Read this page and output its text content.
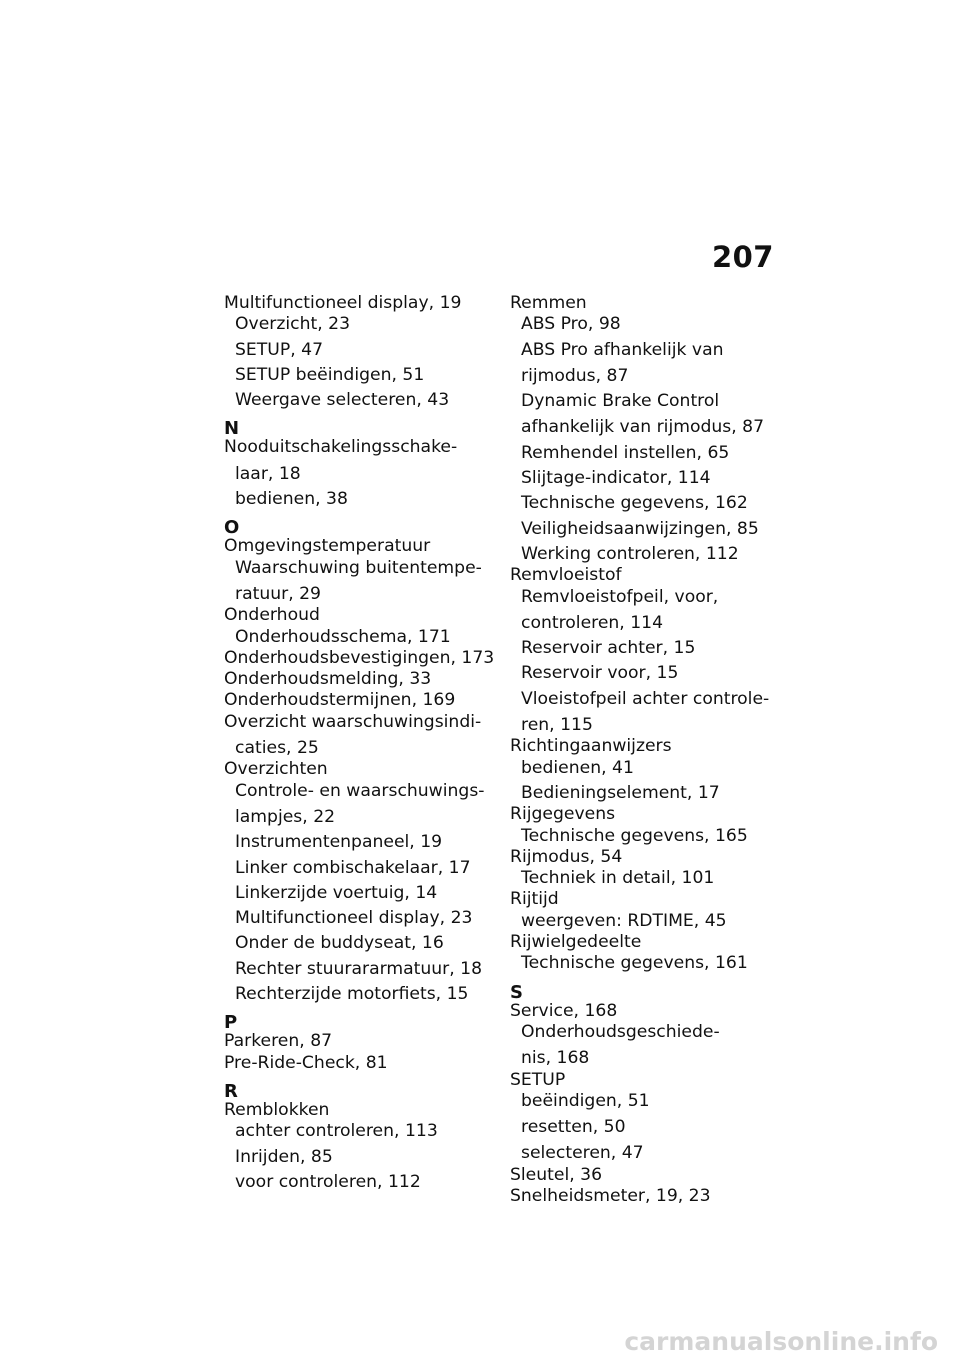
207
Multifunctioneel display, 19
Overzicht, 23
SETUP, 47
SETUP beëindigen, 51
Weergave selecteren, 43
N
Nooduitschakelingsschake-
laar, 18
bedienen, 38
O
Omgevingstemperatuur
Waarschuwing buitentempe-
ratuur, 29
Onderhoud
Onderhoudsschema, 171
Onderhoudsbevestigingen, 173
Onderhoudsmelding, 33
Onderhoudstermijnen, 169
Overzicht waarschuwingsindi-
caties, 25
Overzichten
Controle- en waarschuwings-
lampjes, 22
Instrumentenpaneel, 19
Linker combischakelaar, 17
Linkerzijde voertuig, 14
Multifunctioneel display, 23
Onder de buddyseat, 16
Rechter stuurararmatuur, 18
Rechterzijde motorfiets, 15
P
Parkeren, 87
Pre-Ride-Check, 81
R
Remblokken
achter controleren, 113
Inrijden, 85
voor controleren, 112
Remmen
ABS Pro, 98
ABS Pro afhankelijk van
rijmodus, 87
Dynamic Brake Control
afhankelijk van rijmodus, 87
Remhendel instellen, 65
Slijtage-indicator, 114
Technische gegevens, 162
Veiligheidsaanwijzingen, 85
Werking controleren, 112
Remvloeistof
Remvloeistofpeil, voor,
controleren, 114
Reservoir achter, 15
Reservoir voor, 15
Vloeistofpeil achter controle-
ren, 115
Richtingaanwijzers
bedienen, 41
Bedieningselement, 17
Rijgegevens
Technische gegevens, 165
Rijmodus, 54
Techniek in detail, 101
Rijtijd
weergeven: RDTIME, 45
Rijwielgedeelte
Technische gegevens, 161
S
Service, 168
Onderhoudsgeschiede-
nis, 168
SETUP
beëindigen, 51
resetten, 50
selecteren, 47
Sleutel, 36
Snelheidsmeter, 19, 23
carmanualsonline.info
